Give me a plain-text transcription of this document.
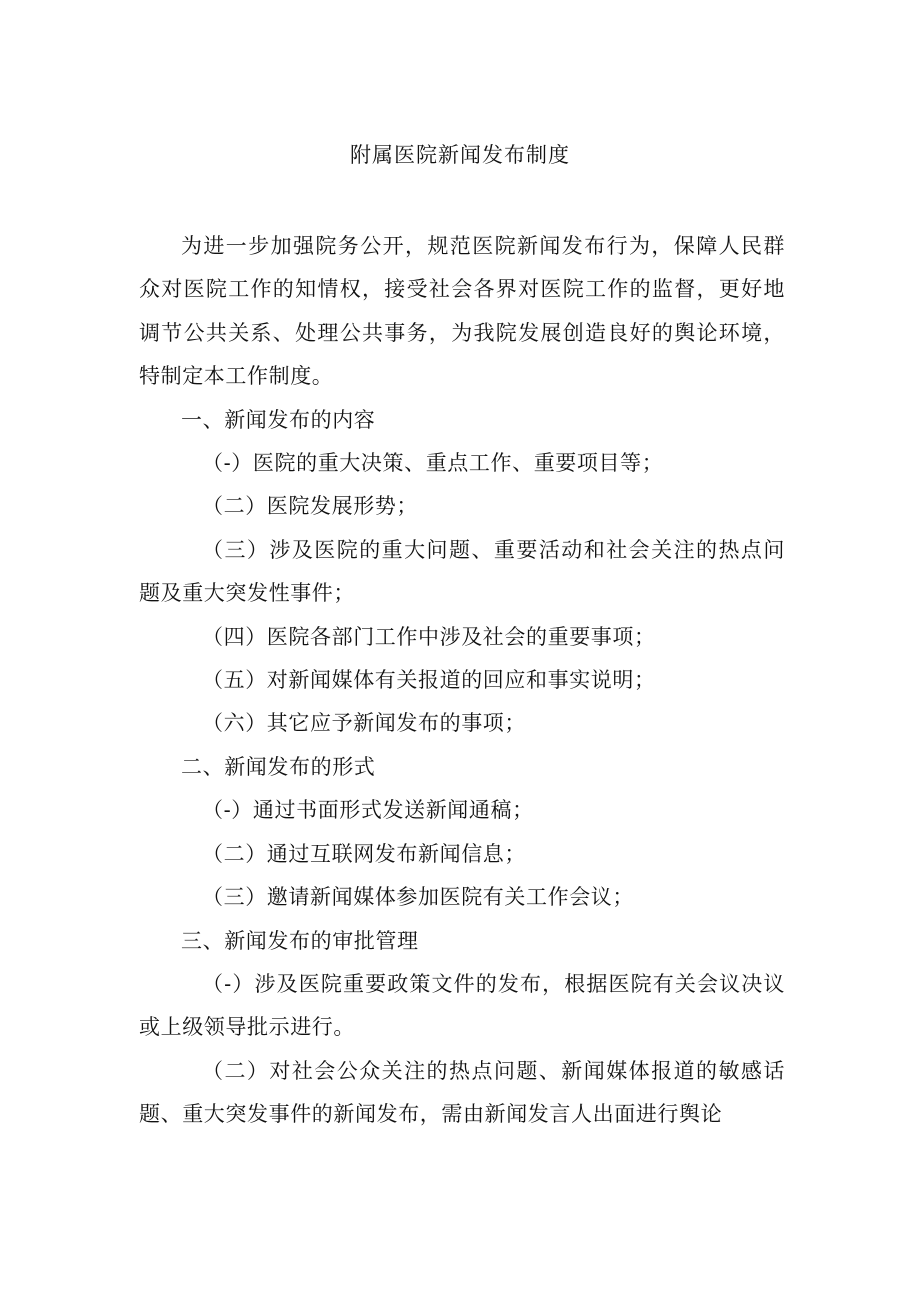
附属医院新闻发布制度

为进一步加强院务公开，规范医院新闻发布行为，保障人民群众对医院工作的知情权，接受社会各界对医院工作的监督，更好地调节公共关系、处理公共事务，为我院发展创造良好的舆论环境，特制定本工作制度。

一、新闻发布的内容

（-）医院的重大决策、重点工作、重要项目等；

（二）医院发展形势；

（三）涉及医院的重大问题、重要活动和社会关注的热点问题及重大突发性事件；

（四）医院各部门工作中涉及社会的重要事项；

（五）对新闻媒体有关报道的回应和事实说明；

（六）其它应予新闻发布的事项；

二、新闻发布的形式

（-）通过书面形式发送新闻通稿；

（二）通过互联网发布新闻信息；

（三）邀请新闻媒体参加医院有关工作会议；

三、新闻发布的审批管理

（-）涉及医院重要政策文件的发布，根据医院有关会议决议或上级领导批示进行。

（二）对社会公众关注的热点问题、新闻媒体报道的敏感话题、重大突发事件的新闻发布，需由新闻发言人出面进行舆论
